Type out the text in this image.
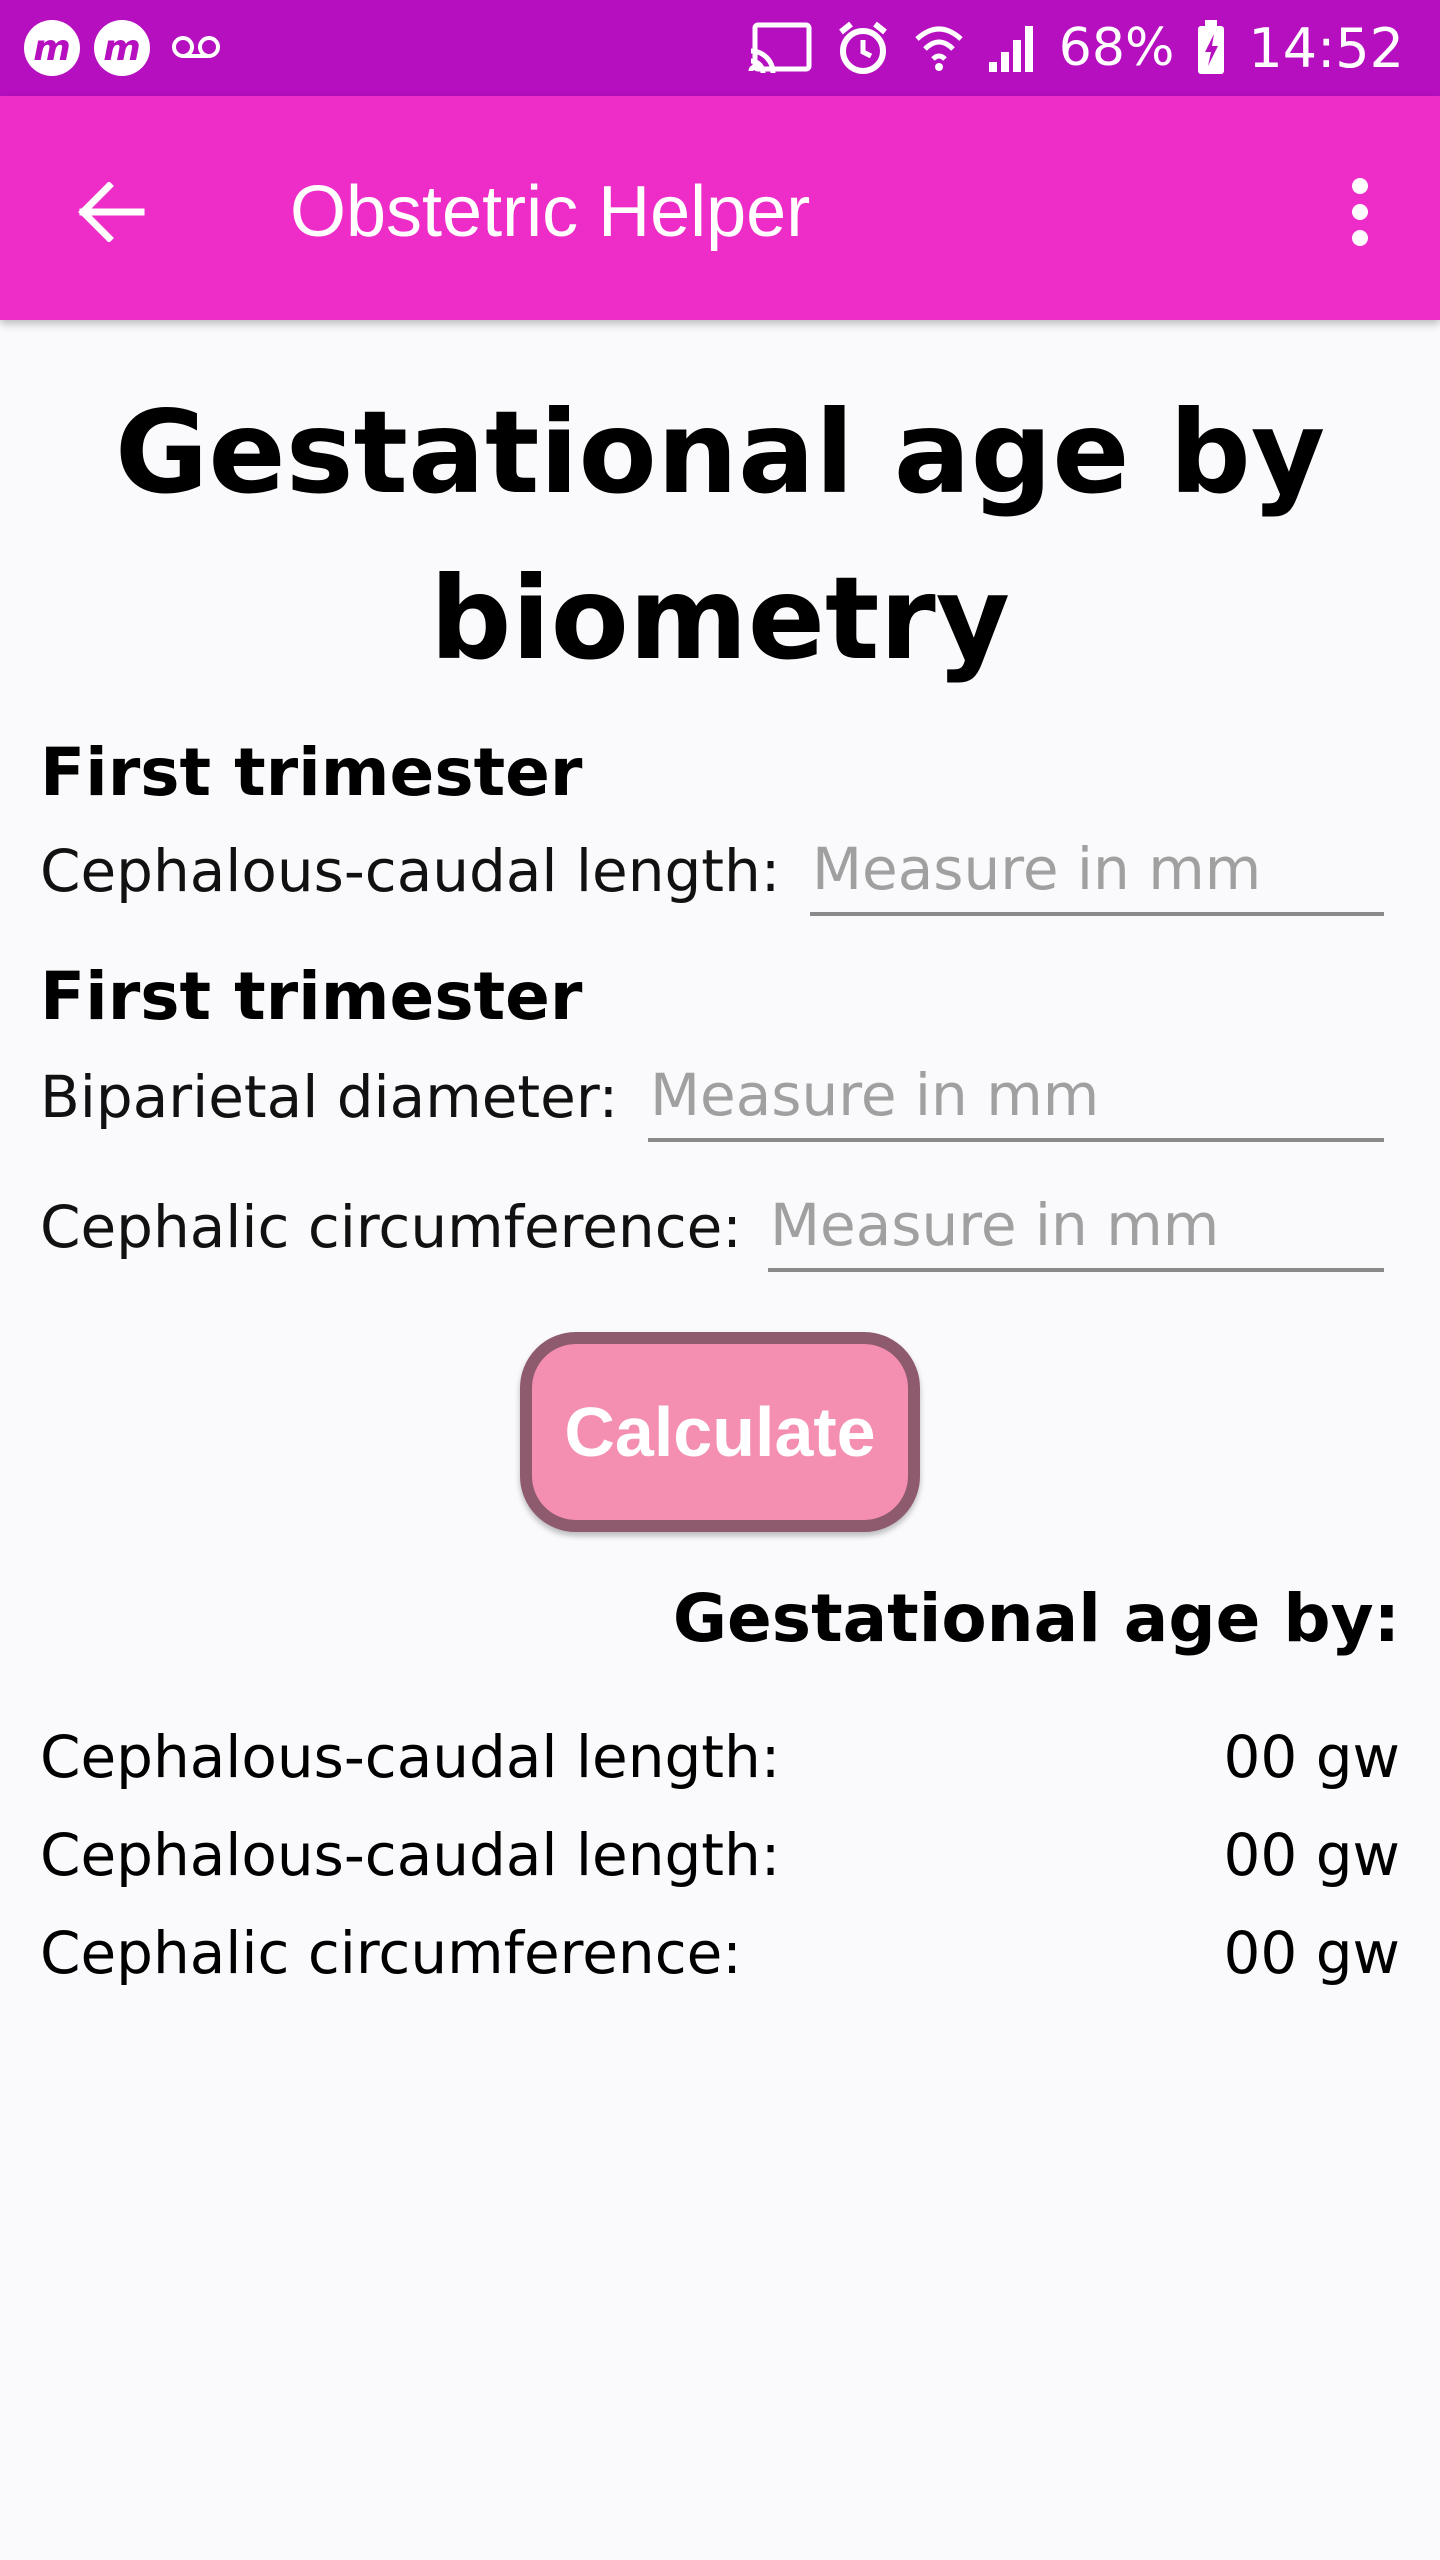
m m	68% 14:52
Obstetric Helper
Gestational age by biometry
First trimester
Cephalous-caudal length:
Measure in mm
First trimester
Biparietal diameter:
Measure in mm
Cephalic circumference:
Measure in mm
Calculate
Gestational age by:
Cephalous-caudal length:	00 gw
Cephalous-caudal length:	00 gw
Cephalic circumference:	00 gw
